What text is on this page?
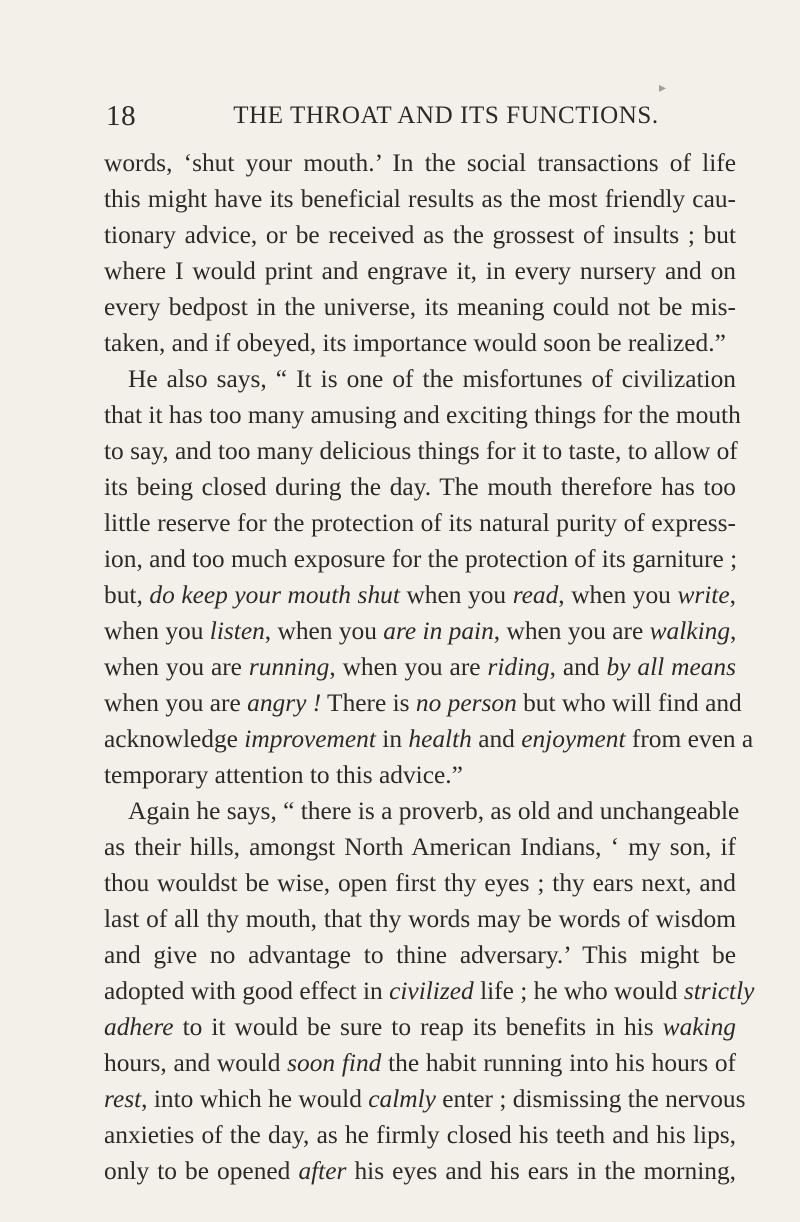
▸
18	THE THROAT AND ITS FUNCTIONS.
words, ‘shut your mouth.’ In the social transactions of life
this might have its beneficial results as the most friendly cau-
tionary advice, or be received as the grossest of insults ; but
where I would print and engrave it, in every nursery and on
every bedpost in the universe, its meaning could not be mis-
taken, and if obeyed, its importance would soon be realized.”
He also says, “ It is one of the misfortunes of civilization
that it has too many amusing and exciting things for the mouth
to say, and too many delicious things for it to taste, to allow of
its being closed during the day. The mouth therefore has too
little reserve for the protection of its natural purity of express-
ion, and too much exposure for the protection of its garniture ;
but, do keep your mouth shut when you read, when you write,
when you listen, when you are in pain, when you are walking,
when you are running, when you are riding, and by all means
when you are angry ! There is no person but who will find and
acknowledge improvement in health and enjoyment from even a
temporary attention to this advice.”
Again he says, “ there is a proverb, as old and unchangeable
as their hills, amongst North American Indians, ‘ my son, if
thou wouldst be wise, open first thy eyes ; thy ears next, and
last of all thy mouth, that thy words may be words of wisdom
and give no advantage to thine adversary.’ This might be
adopted with good effect in civilized life ; he who would strictly
adhere to it would be sure to reap its benefits in his waking
hours, and would soon find the habit running into his hours of
rest, into which he would calmly enter ; dismissing the nervous
anxieties of the day, as he firmly closed his teeth and his lips,
only to be opened after his eyes and his ears in the morning,
